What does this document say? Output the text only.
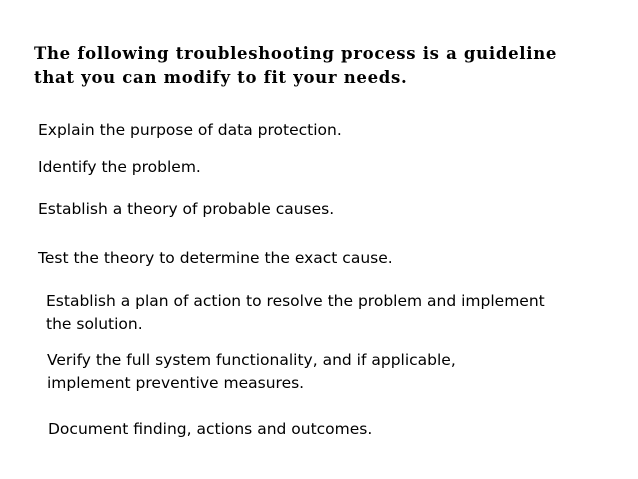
The following troubleshooting process is a guideline
that you can modify to fit your needs.
Explain the purpose of data protection.
Identify the problem.
Establish a theory of probable causes.
Test the theory to determine the exact cause.
Establish a plan of action to resolve the problem and implement
the solution.
Verify the full system functionality, and if applicable,
implement preventive measures.
Document finding, actions and outcomes.
